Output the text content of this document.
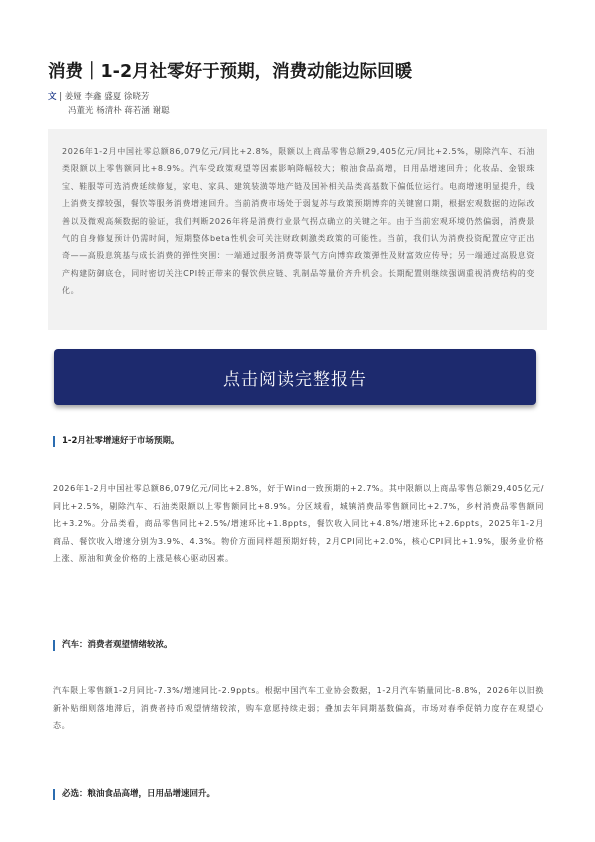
消费｜1-2月社零好于预期，消费动能边际回暖
文 | 姜娅 李鑫 盛夏 徐晓芳
冯董光 杨清朴 蒋若涵 谢聪

2026年1-2月中国社零总额86,079亿元/同比+2.8%，限额以上商品零售总额29,405亿元/同比+2.5%，剔除汽车、石油类限额以上零售额同比+8.9%。汽车受政策观望等因素影响降幅较大；粮油食品高增，日用品增速回升；化妆品、金银珠宝、鞋服等可选消费延续修复，家电、家具、建筑装潢等地产链及国补相关品类高基数下偏低位运行。电商增速明显提升，线上消费支撑较强，餐饮等服务消费增速回升。当前消费市场处于弱复苏与政策预期博弈的关键窗口期，根据宏观数据的边际改善以及微观高频数据的验证，我们判断2026年将是消费行业景气拐点确立的关键之年。由于当前宏观环境仍然偏弱，消费景气的自身修复预计仍需时间，短期整体beta性机会可关注财政刺激类政策的可能性。当前，我们认为消费投资配置应守正出奇——高股息筑基与成长消费的弹性突围：一端通过服务消费等景气方向博弈政策弹性及财富效应传导；另一端通过高股息资产构建防御底仓，同时密切关注CPI转正带来的餐饮供应链、乳制品等量价齐升机会。长期配置则继续强调重视消费结构的变化。

点击阅读完整报告
1-2月社零增速好于市场预期。

2026年1-2月中国社零总额86,079亿元/同比+2.8%，好于Wind一致预期的+2.7%。其中限额以上商品零售总额29,405亿元/同比+2.5%，剔除汽车、石油类限额以上零售额同比+8.9%。分区域看，城镇消费品零售额同比+2.7%，乡村消费品零售额同比+3.2%。分品类看，商品零售同比+2.5%/增速环比+1.8ppts，餐饮收入同比+4.8%/增速环比+2.6ppts，2025年1-2月商品、餐饮收入增速分别为3.9%、4.3%。物价方面同样超预期好转，2月CPI同比+2.0%，核心CPI同比+1.9%，服务业价格上涨、原油和黄金价格的上涨是核心驱动因素。

汽车：消费者观望情绪较浓。

汽车限上零售额1-2月同比-7.3%/增速同比-2.9ppts。根据中国汽车工业协会数据，1-2月汽车销量同比-8.8%，2026年以旧换新补贴细则落地滞后，消费者持币观望情绪较浓，购车意愿持续走弱；叠加去年同期基数偏高，市场对春季促销力度存在观望心态。

必选：粮油食品高增，日用品增速回升。
